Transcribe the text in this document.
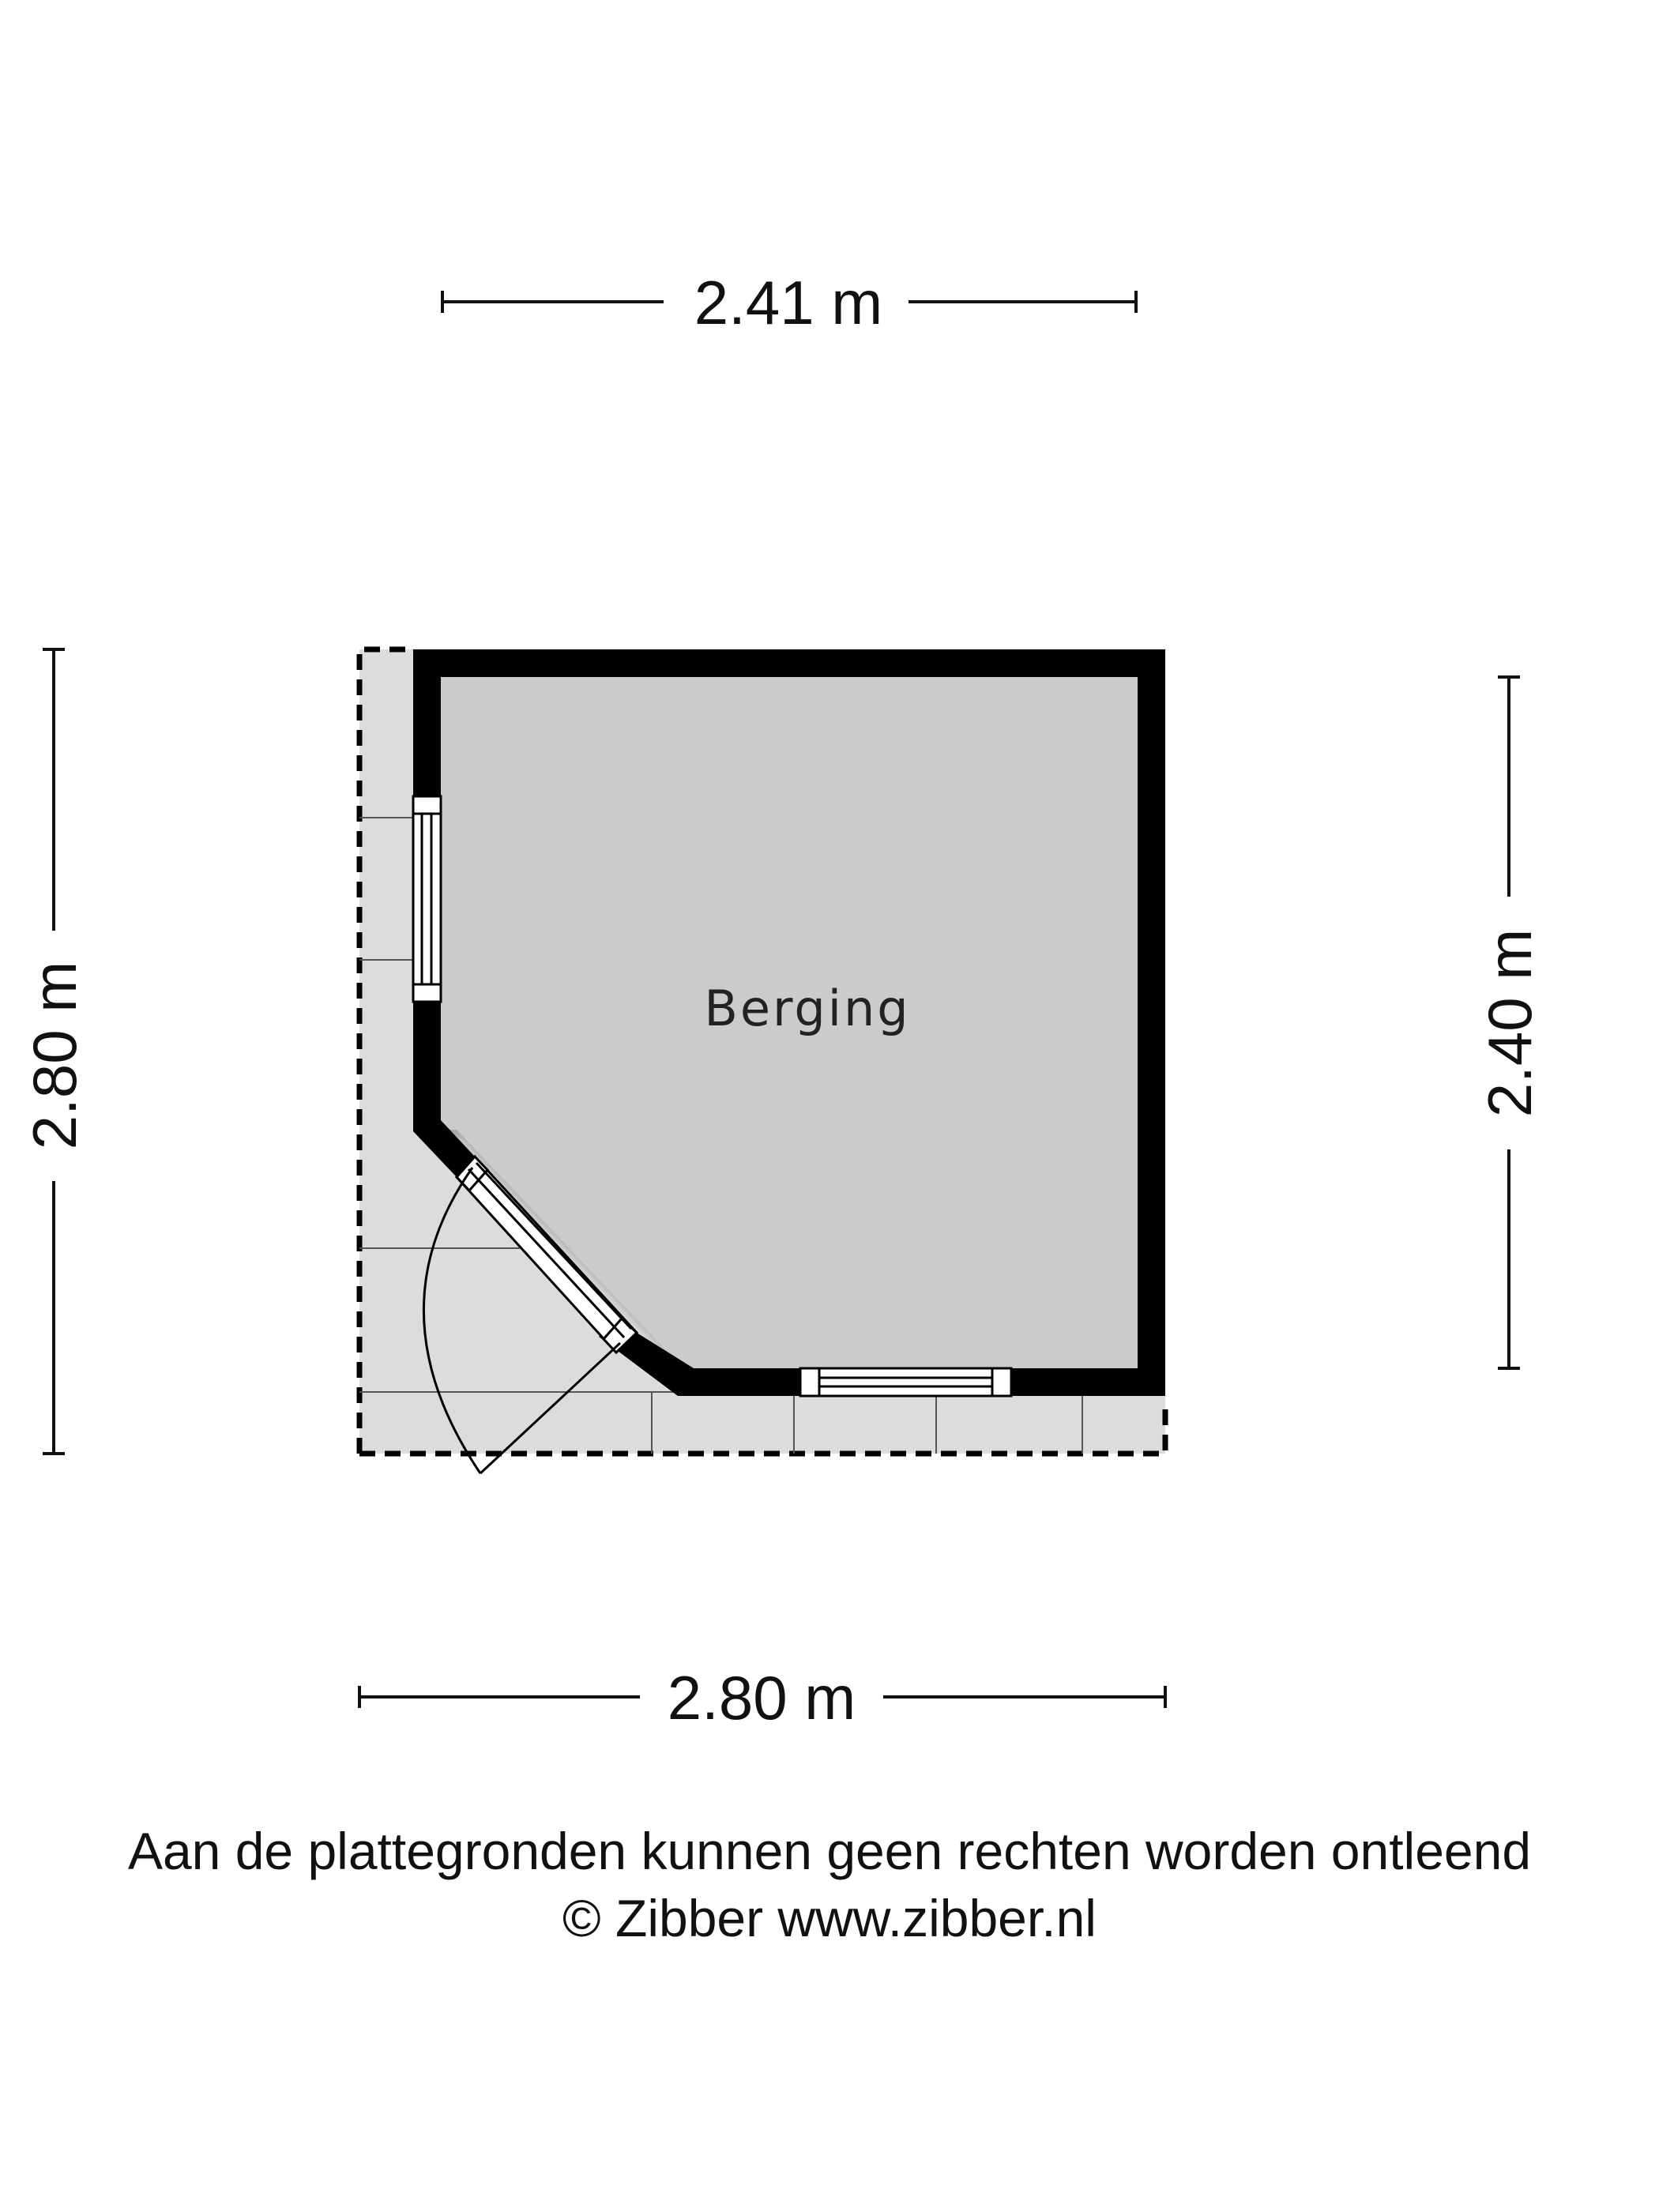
Berging
2.41 m
2.80 m
2.80 m	2.40 m
Aan de plattegronden kunnen geen rechten worden ontleend
© Zibber www.zibber.nl
